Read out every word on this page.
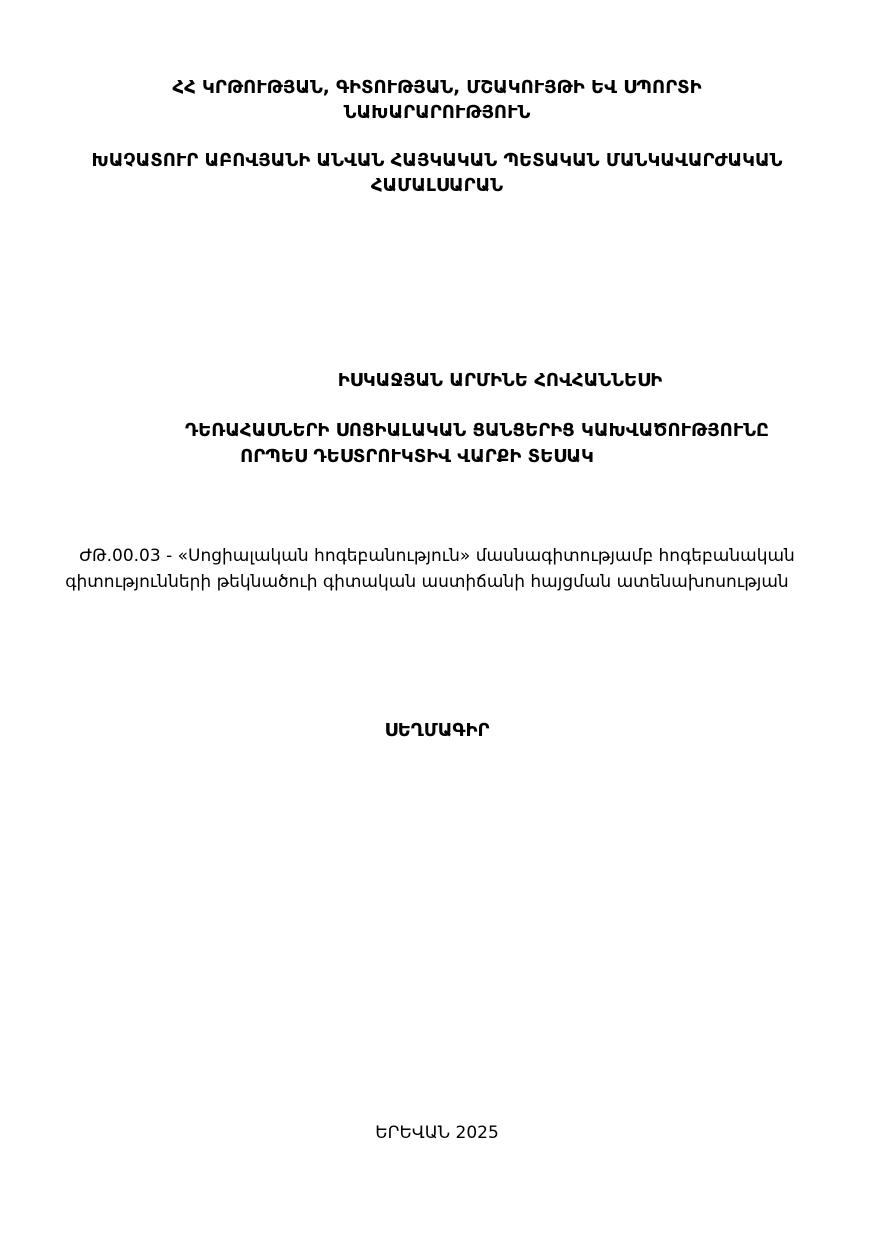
ՀՀ ԿՐԹՈՒԹՅԱՆ, ԳԻՏՈՒԹՅԱՆ, ՄՇԱԿՈՒՅԹԻ ԵՎ ՍՊՈՐՏԻ
ՆԱԽԱՐԱՐՈՒԹՅՈՒՆ
ԽԱՉԱՏՈՒՐ ԱԲՈՎՅԱՆԻ ԱՆՎԱՆ ՀԱՅԿԱԿԱՆ ՊԵՏԱԿԱՆ ՄԱՆԿԱՎԱՐԺԱԿԱՆ
ՀԱՄԱԼՍԱՐԱՆ
ԻՍԿԱՋՅԱՆ ԱՐՄԻՆԵ ՀՈՎՀԱՆՆԵՍԻ
ԴԵՌԱՀԱՍՆԵՐԻ ՍՈՑԻԱԼԱԿԱՆ ՑԱՆՑԵՐԻՑ ԿԱԽՎԱԾՈՒԹՅՈՒՆԸ
ՈՐՊԵՍ ԴԵՍՏՐՈՒԿՏԻՎ ՎԱՐՔԻ ՏԵՍԱԿ
ԺԹ.00.03 - «Սոցիալական հոգեբանություն» մասնագիտությամբ հոգեբանական
գիտությունների թեկնածուի գիտական աստիճանի հայցման ատենախոսության
ՍԵՂՄԱԳԻՐ
ԵՐԵՎԱՆ 2025
